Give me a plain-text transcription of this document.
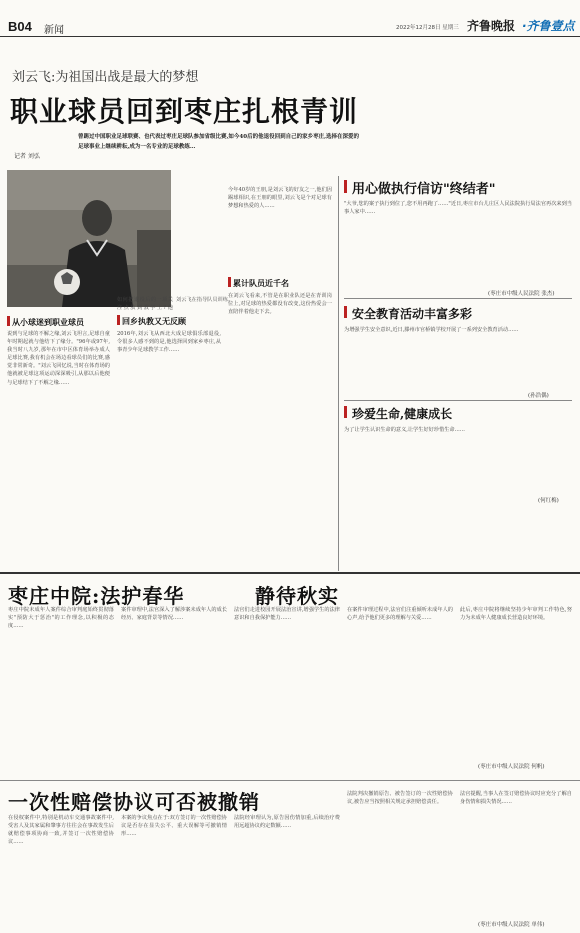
B04 新闻	2022年12月28日 星期三 齐鲁晚报 ·齐鲁壹点
刘云飞:为祖国出战是最大的梦想
职业球员回到枣庄扎根青训
曾踢过中国职业足球联赛、也代表过枣庄足球队参加省级比赛,如今40后的他退役回到自己的家乡枣庄,选择在深爱的足球事业上继续耕耘,成为一名专业的足球教练…
记者 刘弘
刘云飞在指导队员训练。
从小球迷到职业球员
说到与足球的不解之缘,刘云飞坦言,足球自童年时期起就与他结下了缘分。"96年或97年,我当时八九岁,那年在市中区体育场举办成人足球比赛,我有机会在场边看球员们的比赛,感觉非常新奇。"刘云飞回忆说,当时在体育场的他就被足球这项运动深深吸引,从那以后他便与足球结下了不解之缘……
如何把退役后的一项关注点放到教学上?他
回乡执教又无反顾
2016年,刘云飞从西北大成足球俱乐部退役,令很多人感不到的是,他选择回到家乡枣庄,从事青少年足球教学工作……
今年40岁的王朋,是刘云飞的好友之一,他们因踢球相识,在王朋的眼里,刘云飞是个对足球有梦想和热爱的人……
累计队员近千名
在刘云飞看来,不管是在职业队还是在青训岗位上,对足球的热爱都没有改变,这份热爱会一直陪伴着他走下去。
用心做执行信访"终结者"
"大爷,您的案子执行到位了,您不用再跑了……"近日,枣庄市台儿庄区人民法院执行局法官再次来到当事人家中……
(枣庄市中级人民法院 张杰)
安全教育活动丰富多彩
为增强学生安全意识,近日,滕州市官桥镇学校开展了一系列安全教育活动……
(孙浩偶)
珍爱生命,健康成长
为了让学生认识生命的意义,让学生好好珍惜生命……
(何红梅)
枣庄中院:法护春华	静待秋实
枣庄中院未成年人案件综合审判庭始终贯彻落实"预防大于惩治"的工作理念,以积极的态度……
案件审理中,法官深入了解涉案未成年人的成长经历、家庭背景等情况……
法官们走进校园开展法治宣讲,增强学生的法律意识和自我保护能力……
在案件审理过程中,法官们注重倾听未成年人的心声,给予他们更多的理解与关爱……
此后,枣庄中院将继续坚持少年审判工作特色,努力为未成年人健康成长营造良好环境。
(枣庄市中级人民法院 何帆)
一次性赔偿协议可否被撤销
在侵权案件中,特别是机动车交通事故案件中,受害人及其家属和肇事方往往会在事故发生后就赔偿事项协商一致,并签订一次性赔偿协议……
本案的争议焦点在于:双方签订的一次性赔偿协议是否存在显失公平、重大误解等可撤销情形……
法院经审理认为,原告因伤情加重,后续治疗费用远超协议约定数额……
法院判决撤销原告、被告签订的一次性赔偿协议,被告应当按照相关规定承担赔偿责任。
法官提醒,当事人在签订赔偿协议时应充分了解自身伤情和损失情况……
(枣庄市中级人民法院 单伟)
